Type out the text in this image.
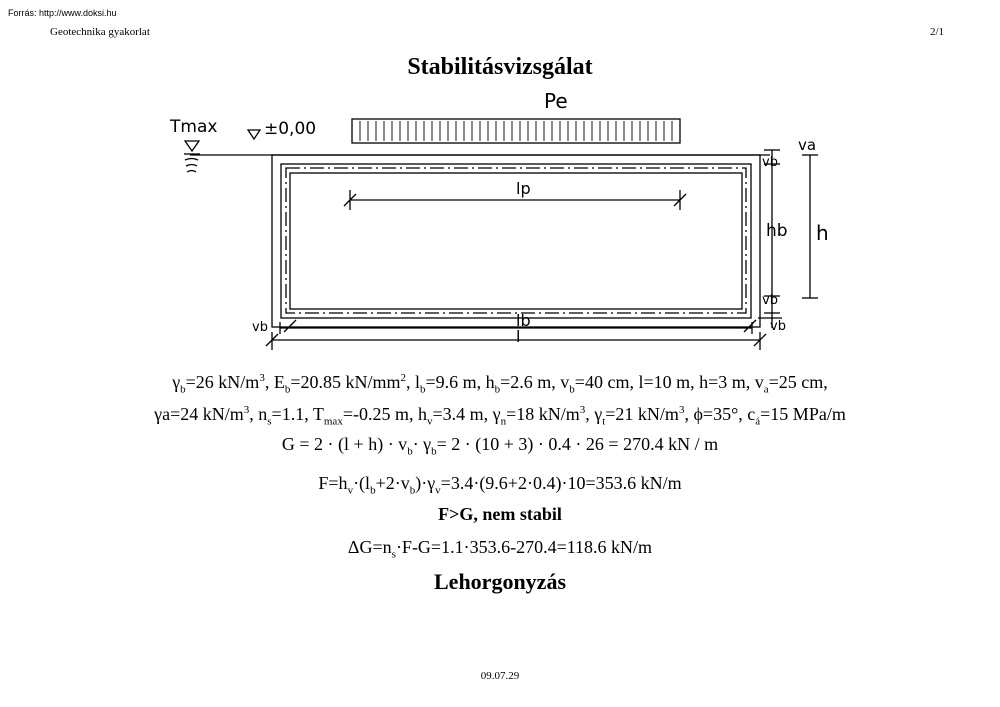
Forrás: http://www.doksi.hu
Geotechnika gyakorlat	2/1
Stabilitásvizsgálat
Pe
Tmax	±0,00
va
vb
hb h
lp
vb
vb	lb
l
vb
$\gamma_b=26$ $kN/m^3$, $E_b=20.85$ $kN/mm^2$, $l_b=9.6$ m, $h_b=2.6$ m, $v_b=40$ cm, l=10 m, h=3 m, $v_a=25$ cm,
γa=24 $kN/m^3$, $n_s=1.1$, $T_{max}=-0.25$ m, $h_v=3.4$ m, $\gamma_n=18$ $kN/m^3$, $\gamma_t=21$ $kN/m^3$, ϕ=35°, $c_á=15$ MPa/m
$G = 2 \cdot (l + h) \cdot v_b\cdot \gamma_b= 2 \cdot (10 + 3) \cdot 0.4 \cdot 26 = 270.4$ kN / m
$F=h_v\cdot(l_b+2\cdot v_b)\cdot\gamma_v=3.4\cdot(9.6+2\cdot 0.4)\cdot 10=353.6$ kN/m
F>G, nem stabil
$\Delta G=n_s\cdot F-G=1.1\cdot 353.6-270.4=118.6$ kN/m
Lehorgonyzás
09.07.29
